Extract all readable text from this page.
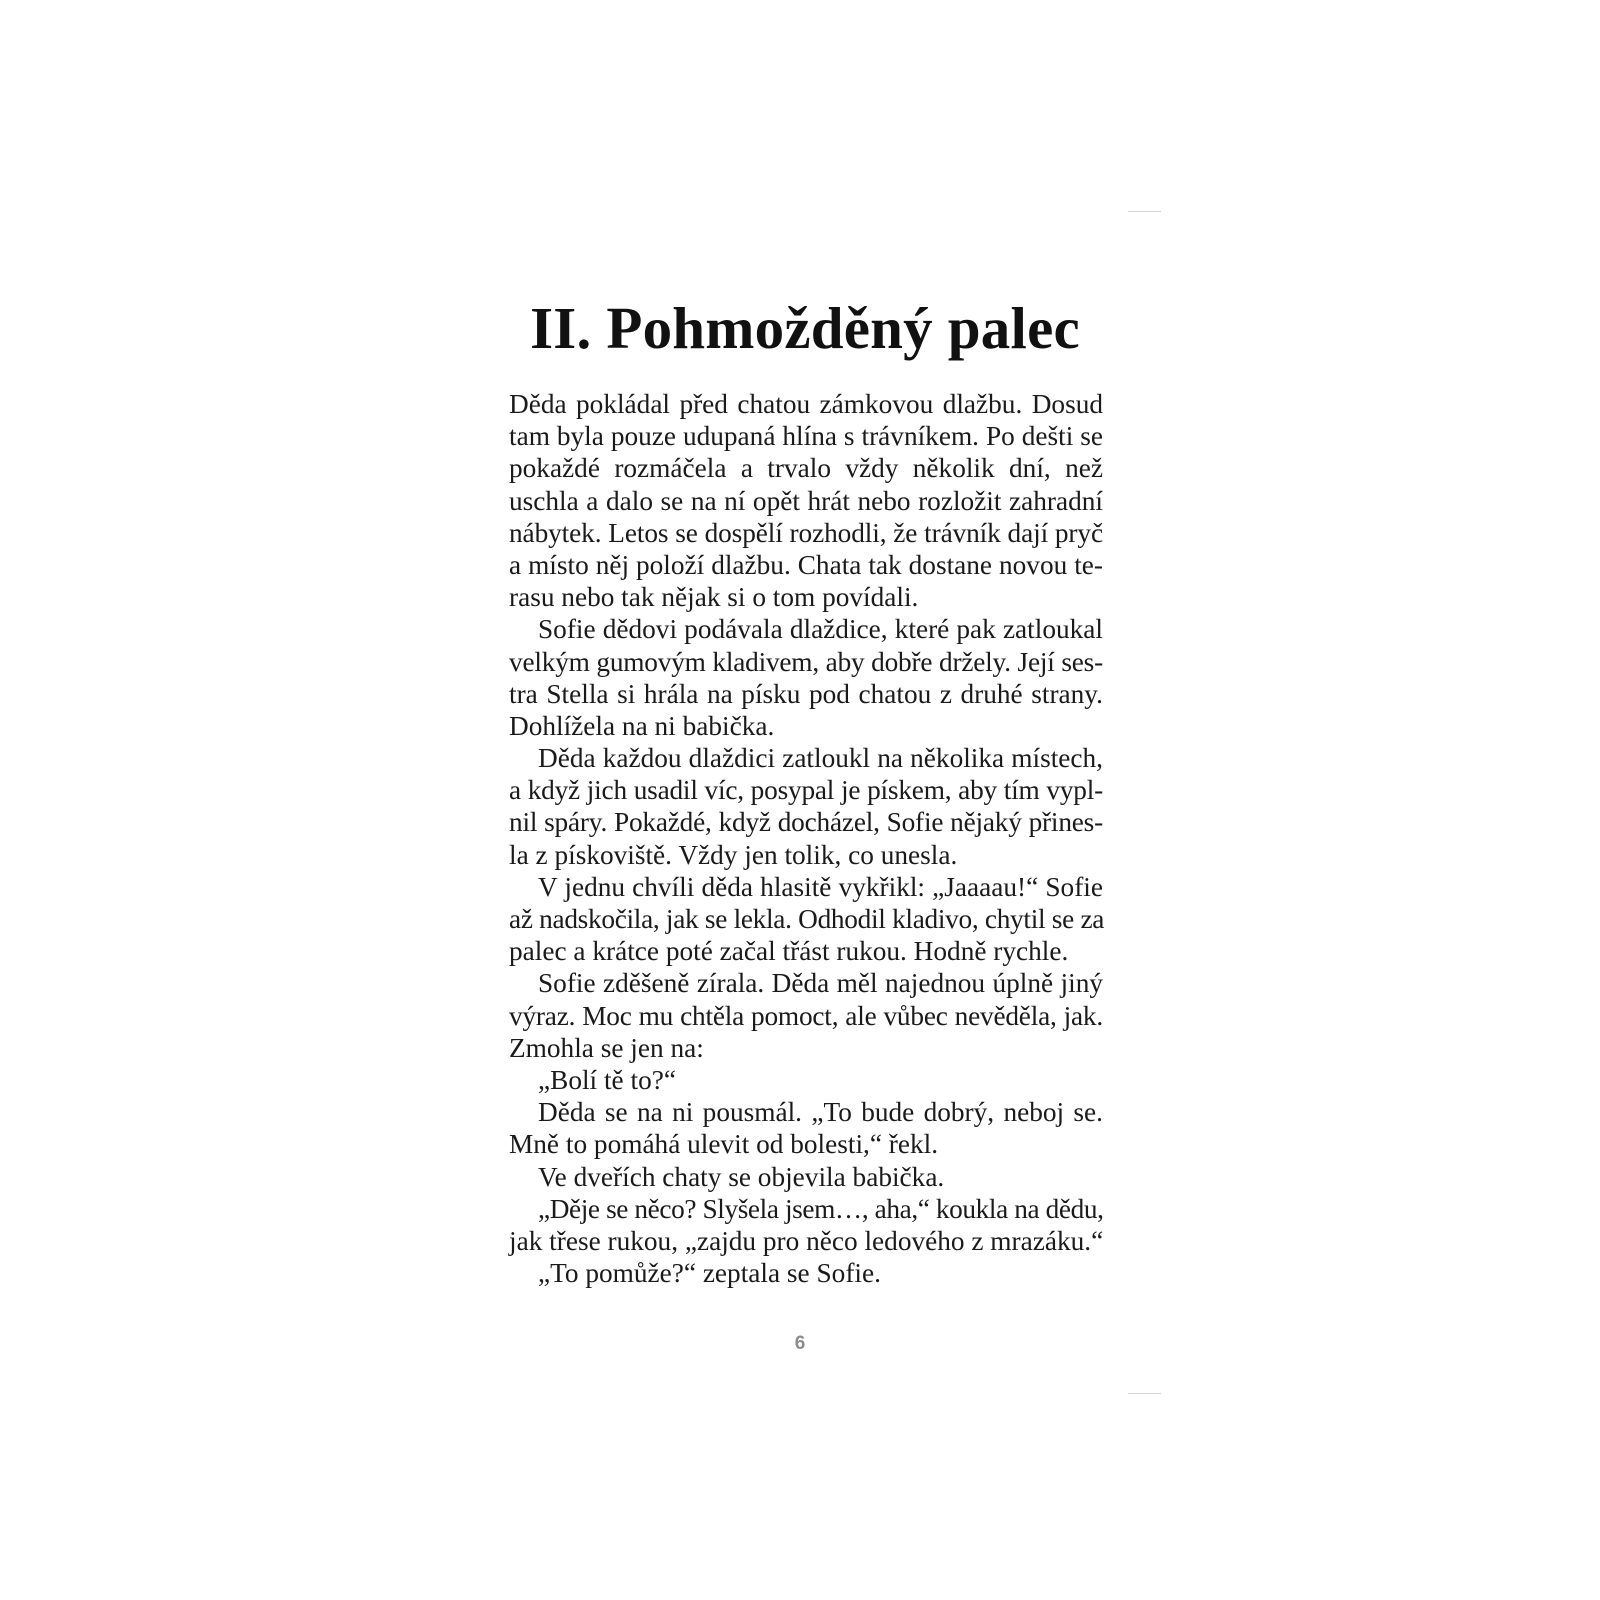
II. Pohmožděný palec
Děda pokládal před chatou zámkovou dlažbu. Dosud
tam byla pouze udupaná hlína s trávníkem. Po dešti se
pokaždé rozmáčela a trvalo vždy několik dní, než
uschla a dalo se na ní opět hrát nebo rozložit zahradní
nábytek. Letos se dospělí rozhodli, že trávník dají pryč
a místo něj položí dlažbu. Chata tak dostane novou te-
rasu nebo tak nějak si o tom povídali.
Sofie dědovi podávala dlaždice, které pak zatloukal
velkým gumovým kladivem, aby dobře držely. Její ses-
tra Stella si hrála na písku pod chatou z druhé strany.
Dohlížela na ni babička.
Děda každou dlaždici zatloukl na několika místech,
a když jich usadil víc, posypal je pískem, aby tím vypl-
nil spáry. Pokaždé, když docházel, Sofie nějaký přines-
la z pískoviště. Vždy jen tolik, co unesla.
V jednu chvíli děda hlasitě vykřikl: „Jaaaau!“ Sofie
až nadskočila, jak se lekla. Odhodil kladivo, chytil se za
palec a krátce poté začal třást rukou. Hodně rychle.
Sofie zděšeně zírala. Děda měl najednou úplně jiný
výraz. Moc mu chtěla pomoct, ale vůbec nevěděla, jak.
Zmohla se jen na:
„Bolí tě to?“
Děda se na ni pousmál. „To bude dobrý, neboj se.
Mně to pomáhá ulevit od bolesti,“ řekl.
Ve dveřích chaty se objevila babička.
„Děje se něco? Slyšela jsem…, aha,“ koukla na dědu,
jak třese rukou, „zajdu pro něco ledového z mrazáku.“
„To pomůže?“ zeptala se Sofie.
6
